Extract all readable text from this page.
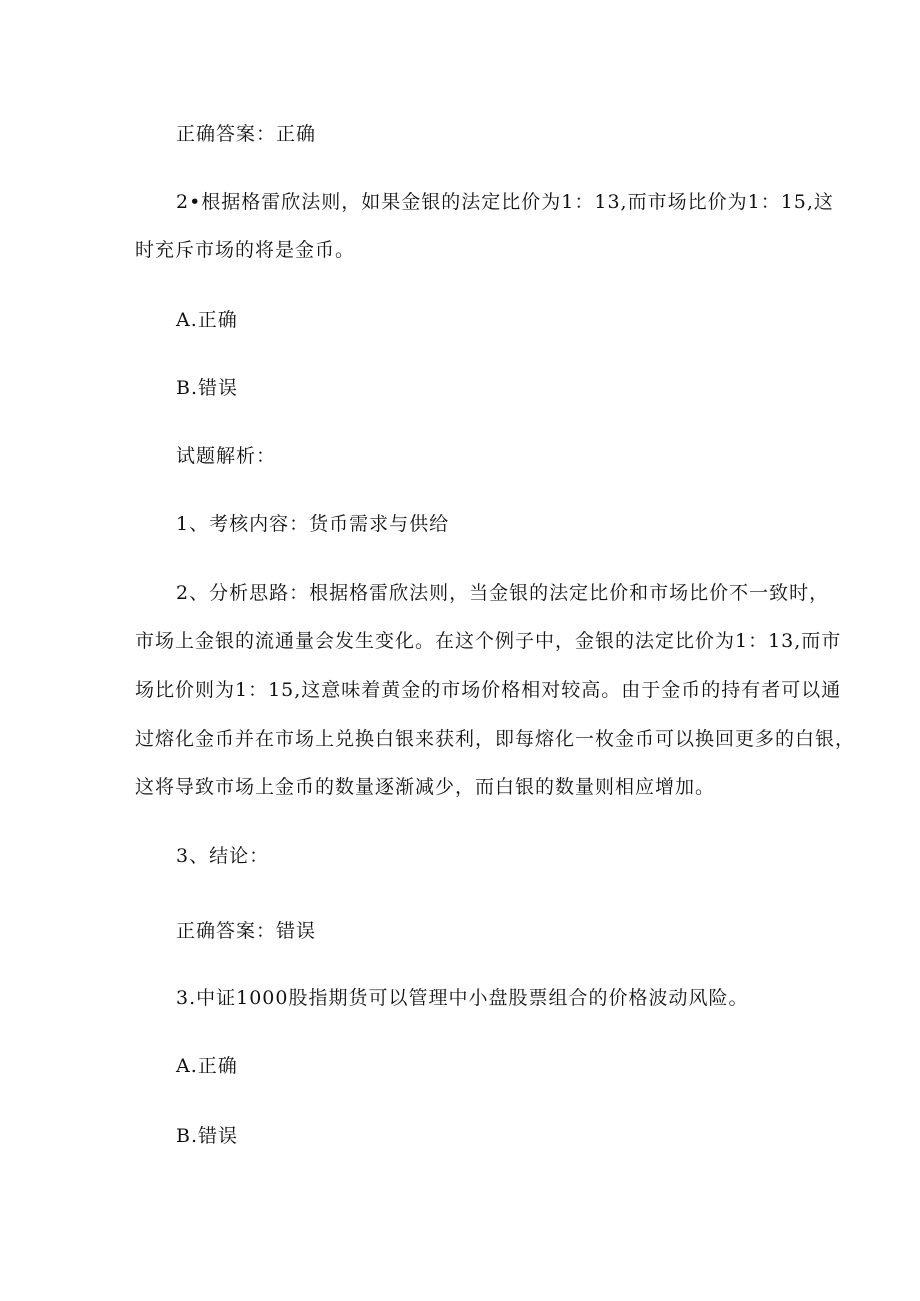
正确答案：正确
2•根据格雷欣法则，如果金银的法定比价为1：13,而市场比价为1：15,这
时充斥市场的将是金币。
A.正确
B.错误
试题解析：
1、考核内容：货币需求与供给
2、分析思路：根据格雷欣法则，当金银的法定比价和市场比价不一致时，
市场上金银的流通量会发生变化。在这个例子中，金银的法定比价为1：13,而市
场比价则为1：15,这意味着黄金的市场价格相对较高。由于金币的持有者可以通
过熔化金币并在市场上兑换白银来获利，即每熔化一枚金币可以换回更多的白银，
这将导致市场上金币的数量逐渐减少，而白银的数量则相应增加。
3、结论：
正确答案：错误
3.中证1000股指期货可以管理中小盘股票组合的价格波动风险。
A.正确
B.错误
